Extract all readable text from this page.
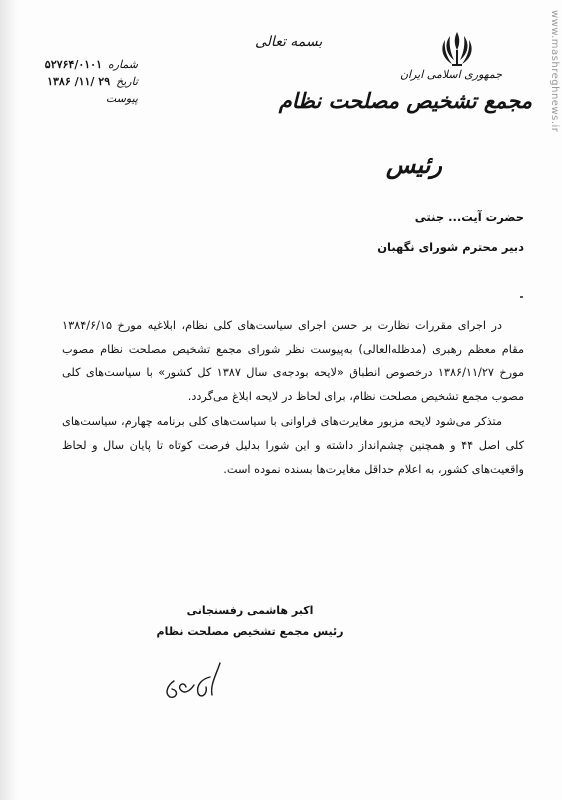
www.mashreghnews.ir
بسمه تعالی
شماره
۵۲۷۶۴/۰۱۰۱
تاریخ
۲۹ /۱۱/ ۱۳۸۶
پیوست
جمهوری اسلامی ایران
مجمع تشخیص مصلحت نظام
رئیس
حضرت آیت... جنتی
دبیر محترم شورای نگهبان

در اجرای مقررات نظارت بر حسن اجرای سیاست‌های کلی نظام، ابلاغیه مورخ ۱۳۸۴/۶/۱۵ مقام معظم رهبری (مدظله‌العالی) به‌پیوست نظر شورای مجمع تشخیص مصلحت نظام مصوب مورخ ۱۳۸۶/۱۱/۲۷ درخصوص انطباق «لایحه بودجه‌ی سال ۱۳۸۷ کل کشور» با سیاست‌های کلی مصوب مجمع تشخیص مصلحت نظام، برای لحاظ در لایحه ابلاغ می‌گردد.

متذکر می‌شود لایحه مزبور مغایرت‌های فراوانی با سیاست‌های کلی برنامه چهارم، سیاست‌های کلی اصل ۴۴ و همچنین چشم‌انداز داشته و این شورا بدلیل فرصت کوتاه تا پایان سال و لحاظ واقعیت‌های کشور، به اعلام حداقل مغایرت‌ها بسنده نموده است.

اکبر هاشمی رفسنجانی
رئیس مجمع تشخیص مصلحت نظام
